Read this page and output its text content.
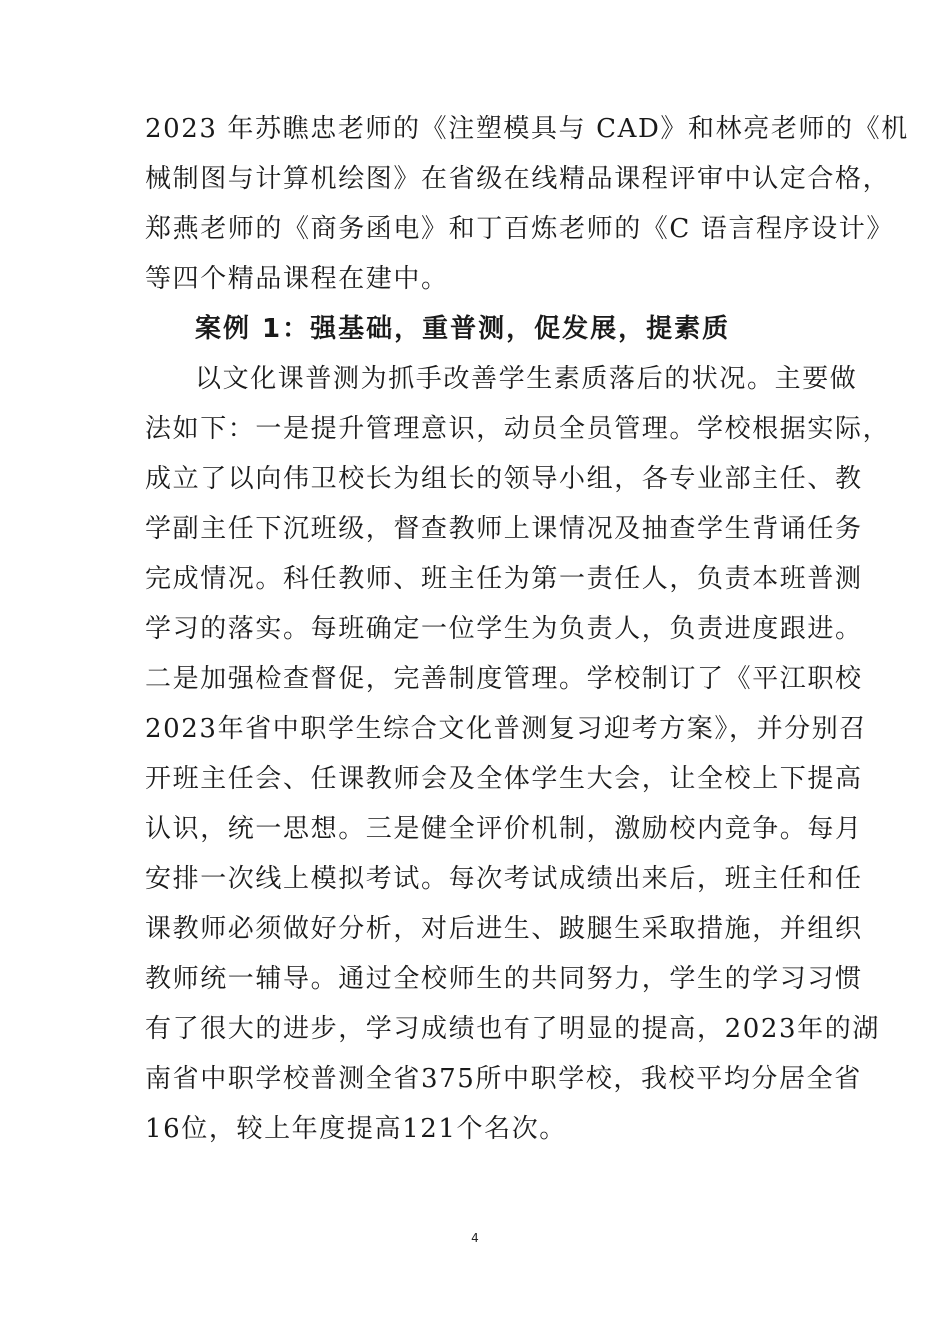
2023 年苏瞧忠老师的《注塑模具与 CAD》和林亮老师的《机
械制图与计算机绘图》在省级在线精品课程评审中认定合格，
郑燕老师的《商务函电》和丁百炼老师的《C 语言程序设计》
等四个精品课程在建中。
案例 1：强基础，重普测，促发展，提素质
以文化课普测为抓手改善学生素质落后的状况。主要做
法如下：一是提升管理意识，动员全员管理。学校根据实际，
成立了以向伟卫校长为组长的领导小组，各专业部主任、教
学副主任下沉班级，督查教师上课情况及抽查学生背诵任务
完成情况。科任教师、班主任为第一责任人，负责本班普测
学习的落实。每班确定一位学生为负责人，负责进度跟进。
二是加强检查督促，完善制度管理。学校制订了《平江职校
2023年省中职学生综合文化普测复习迎考方案》，并分别召
开班主任会、任课教师会及全体学生大会，让全校上下提高
认识，统一思想。三是健全评价机制，激励校内竞争。每月
安排一次线上模拟考试。每次考试成绩出来后，班主任和任
课教师必须做好分析，对后进生、跛腿生采取措施，并组织
教师统一辅导。通过全校师生的共同努力，学生的学习习惯
有了很大的进步，学习成绩也有了明显的提高，2023年的湖
南省中职学校普测全省375所中职学校，我校平均分居全省
16位，较上年度提高121个名次。
4
